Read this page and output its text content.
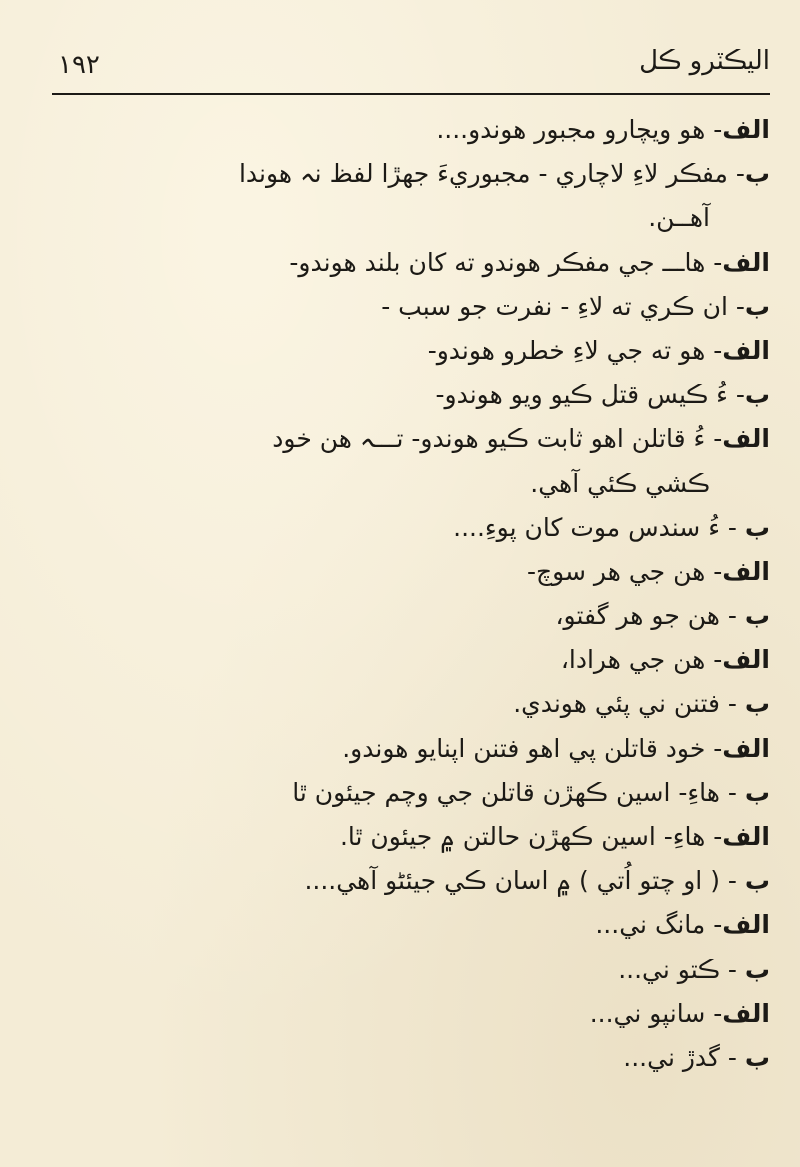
۱۹۲	اليڪٽرو ڪل
الف- هو ويچارو مجبور هوندو....
ب- مفڪر لاءِ لاچاري - مجبوريءَ جهڙا لفظ نہ هوندا
آهــن.
الف- هاـــ جي مفڪر هوندو ته کان بلند هوندو-
ب- ان ڪري ته لاءِ - نفرت جو سبب -
الف- هو ته جي لاءِ خطرو هوندو-
ب- ءُ ڪيس قتل ڪيو ويو هوندو-
الف- ءُ قاتلن اهو ثابت ڪيو هوندو- تـــہ هن خود
ڪشي ڪئي آهي.
ب - ءُ سندس موت کان پوءِ....
الف- هن جي هر سوچ-
ب - هن جو هر گفتو،
الف- هن جي هرادا،
ب - فتنن ني پئي هوندي.
الف- خود قاتلن پي اهو فتنن اپنايو هوندو.
ب - هاءِ- اسين ڪهڙن قاتلن جي وچم جيئون ٿا
الف- هاءِ- اسين ڪهڙن حالتن ۾ جيئون ٿا.
ب - ( او چتو اُتي ) ۾ اسان ڪي جيئڻو آهي....
الف- مانگ ني...
ب - ڪتو ني...
الف- سانپو ني...
ب - گدڙ ني...
